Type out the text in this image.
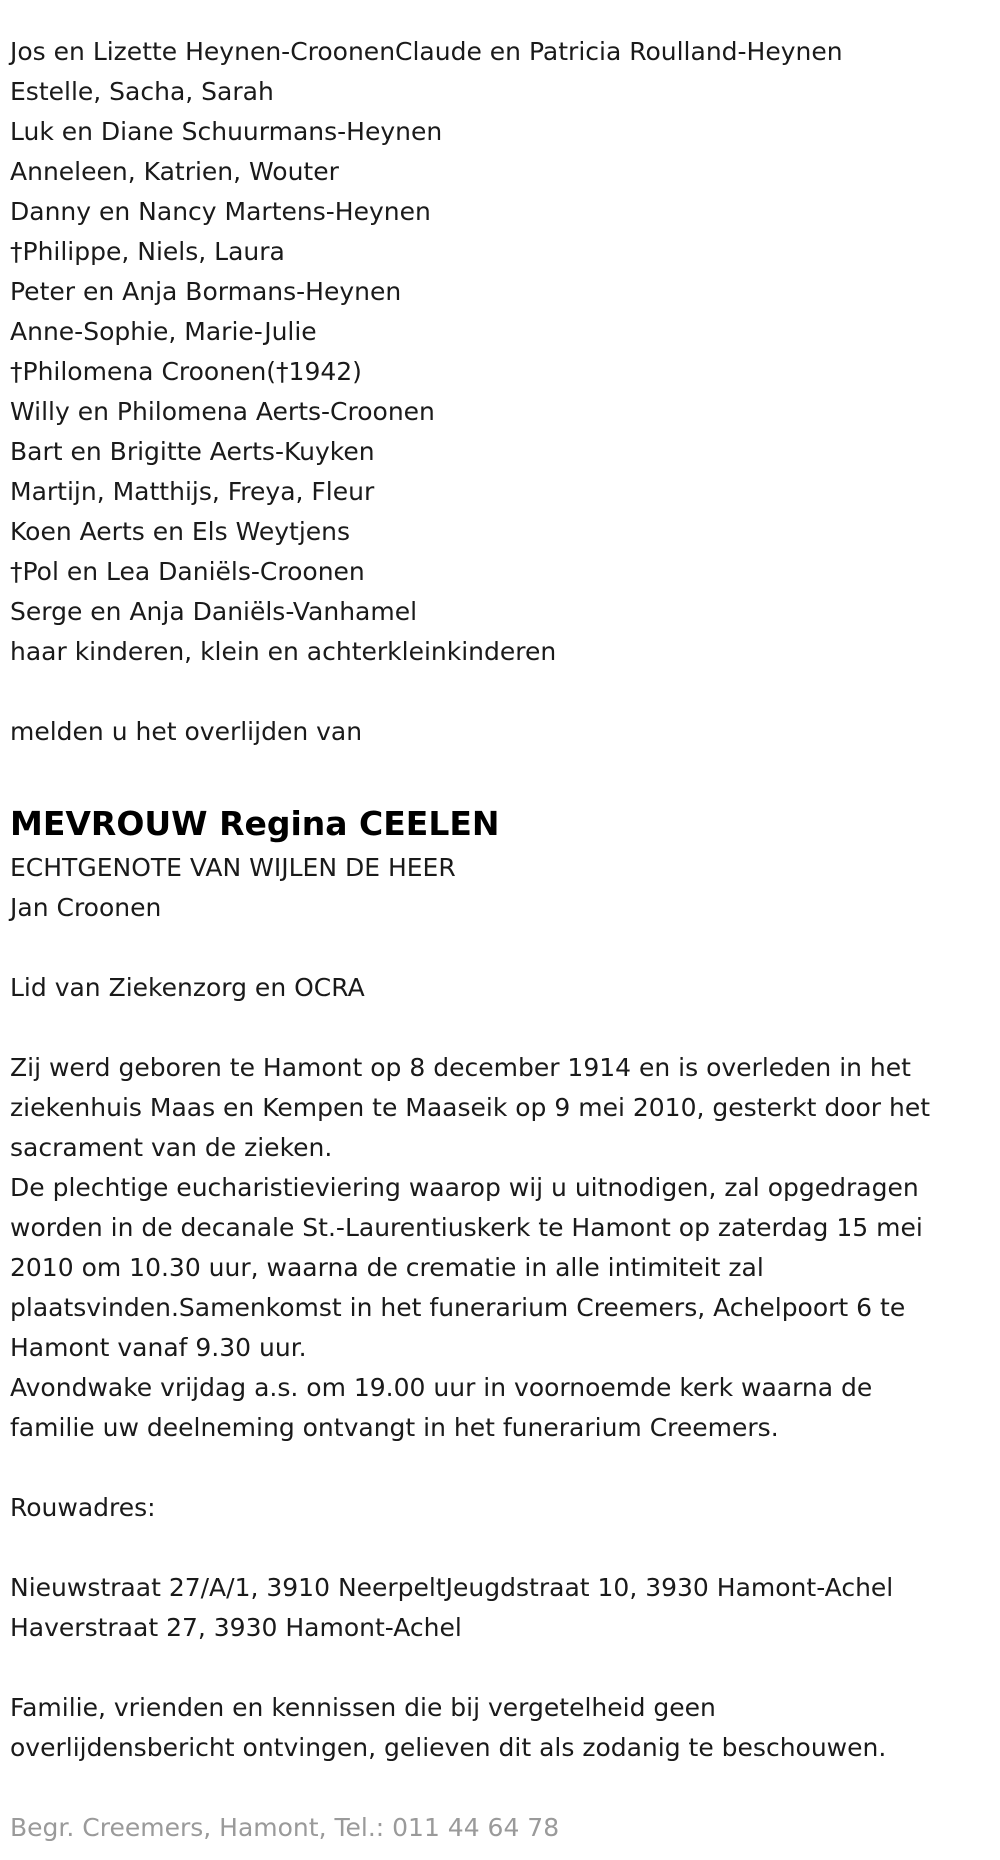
Jos en Lizette Heynen-CroonenClaude en Patricia Roulland-Heynen
Estelle, Sacha, Sarah
Luk en Diane Schuurmans-Heynen
Anneleen, Katrien, Wouter
Danny en Nancy Martens-Heynen
†Philippe, Niels, Laura
Peter en Anja Bormans-Heynen
Anne-Sophie, Marie-Julie
†Philomena Croonen(†1942)
Willy en Philomena Aerts-Croonen
Bart en Brigitte Aerts-Kuyken
Martijn, Matthijs, Freya, Fleur
Koen Aerts en Els Weytjens
†Pol en Lea Daniëls-Croonen
Serge en Anja Daniëls-Vanhamel
haar kinderen, klein en achterkleinkinderen
melden u het overlijden van
MEVROUW Regina CEELEN
ECHTGENOTE VAN WIJLEN DE HEER
Jan Croonen
Lid van Ziekenzorg en OCRA
Zij werd geboren te Hamont op 8 december 1914 en is overleden in het
ziekenhuis Maas en Kempen te Maaseik op 9 mei 2010, gesterkt door het
sacrament van de zieken.
De plechtige eucharistieviering waarop wij u uitnodigen, zal opgedragen
worden in de decanale St.-Laurentiuskerk te Hamont op zaterdag 15 mei
2010 om 10.30 uur, waarna de crematie in alle intimiteit zal
plaatsvinden.Samenkomst in het funerarium Creemers, Achelpoort 6 te
Hamont vanaf 9.30 uur.
Avondwake vrijdag a.s. om 19.00 uur in voornoemde kerk waarna de
familie uw deelneming ontvangt in het funerarium Creemers.
Rouwadres:
Nieuwstraat 27/A/1, 3910 NeerpeltJeugdstraat 10, 3930 Hamont-Achel
Haverstraat 27, 3930 Hamont-Achel
Familie, vrienden en kennissen die bij vergetelheid geen
overlijdensbericht ontvingen, gelieven dit als zodanig te beschouwen.
Begr. Creemers, Hamont, Tel.: 011 44 64 78
